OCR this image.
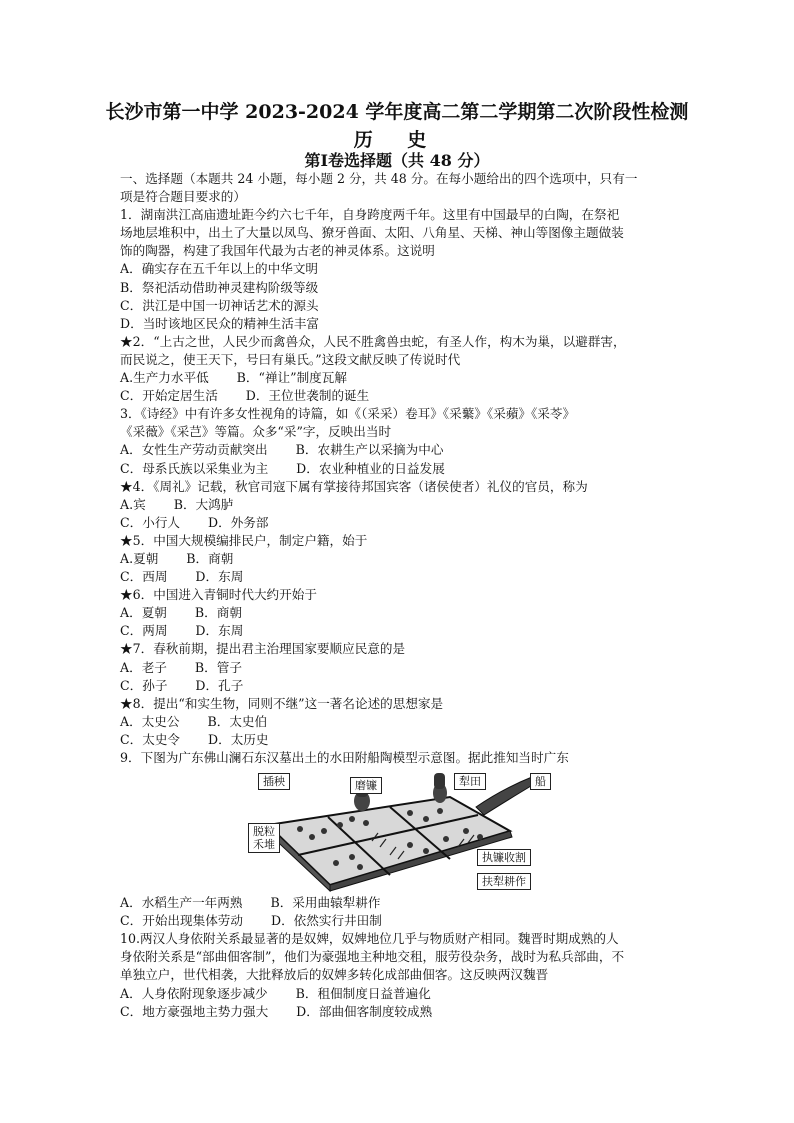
长沙市第一中学 2023-2024 学年度高二第二学期第二次阶段性检测
历 史
第Ⅰ卷选择题（共 48 分）
一、选择题（本题共 24 小题，每小题 2 分，共 48 分。在每小题给出的四个选项中，只有一
项是符合题目要求的）
1．湖南洪江高庙遗址距今约六七千年，自身跨度两千年。这里有中国最早的白陶，在祭祀
场地层堆积中，出土了大量以凤鸟、獠牙兽面、太阳、八角星、天梯、神山等图像主题做装
饰的陶器，构建了我国年代最为古老的神灵体系。这说明
A．确实存在五千年以上的中华文明
B．祭祀活动借助神灵建构阶级等级
C．洪江是中国一切神话艺术的源头
D．当时该地区民众的精神生活丰富
★2．“上古之世，人民少而禽兽众，人民不胜禽兽虫蛇，有圣人作，构木为巢，以避群害，
而民说之，使王天下，号曰有巢氏。”这段文献反映了传说时代
A.生产力水平低 B．“禅让”制度瓦解
C．开始定居生活 D．王位世袭制的诞生
3．《诗经》中有许多女性视角的诗篇，如《（采采）卷耳》《采蘩》《采蘋》《采苓》
《采薇》《采芑》等篇。众多“采”字，反映出当时
A．女性生产劳动贡献突出 B．农耕生产以采摘为中心
C．母系氏族以采集业为主 D．农业种植业的日益发展
★4．《周礼》记载，秋官司寇下属有掌接待邦国宾客（诸侯使者）礼仪的官员，称为
A.宾 B．大鸿胪
C．小行人 D．外务部
★5．中国大规模编排民户，制定户籍，始于
A.夏朝 B．商朝
C．西周 D．东周
★6．中国进入青铜时代大约开始于
A．夏朝 B．商朝
C．两周 D．东周
★7．春秋前期，提出君主治理国家要顺应民意的是
A．老子 B．管子
C．孙子 D．孔子
★8．提出“和实生物，同则不继”这一著名论述的思想家是
A．太史公 B．太史伯
C．太史令 D．太历史
9．下图为广东佛山澜石东汉墓出土的水田附船陶模型示意图。据此推知当时广东
插秧	磨镰	犁田	船
脱粒
禾堆
执镰收割
扶犁耕作
A．水稻生产一年两熟 B．采用曲辕犁耕作
C．开始出现集体劳动 D．依然实行井田制
10.两汉人身依附关系最显著的是奴婢，奴婢地位几乎与物质财产相同。魏晋时期成熟的人
身依附关系是“部曲佃客制”，他们为豪强地主种地交租，服劳役杂务，战时为私兵部曲，不
单独立户，世代相袭，大批释放后的奴婢多转化成部曲佃客。这反映两汉魏晋
A．人身依附现象逐步减少 B．租佃制度日益普遍化
C．地方豪强地主势力强大 D．部曲佃客制度较成熟
